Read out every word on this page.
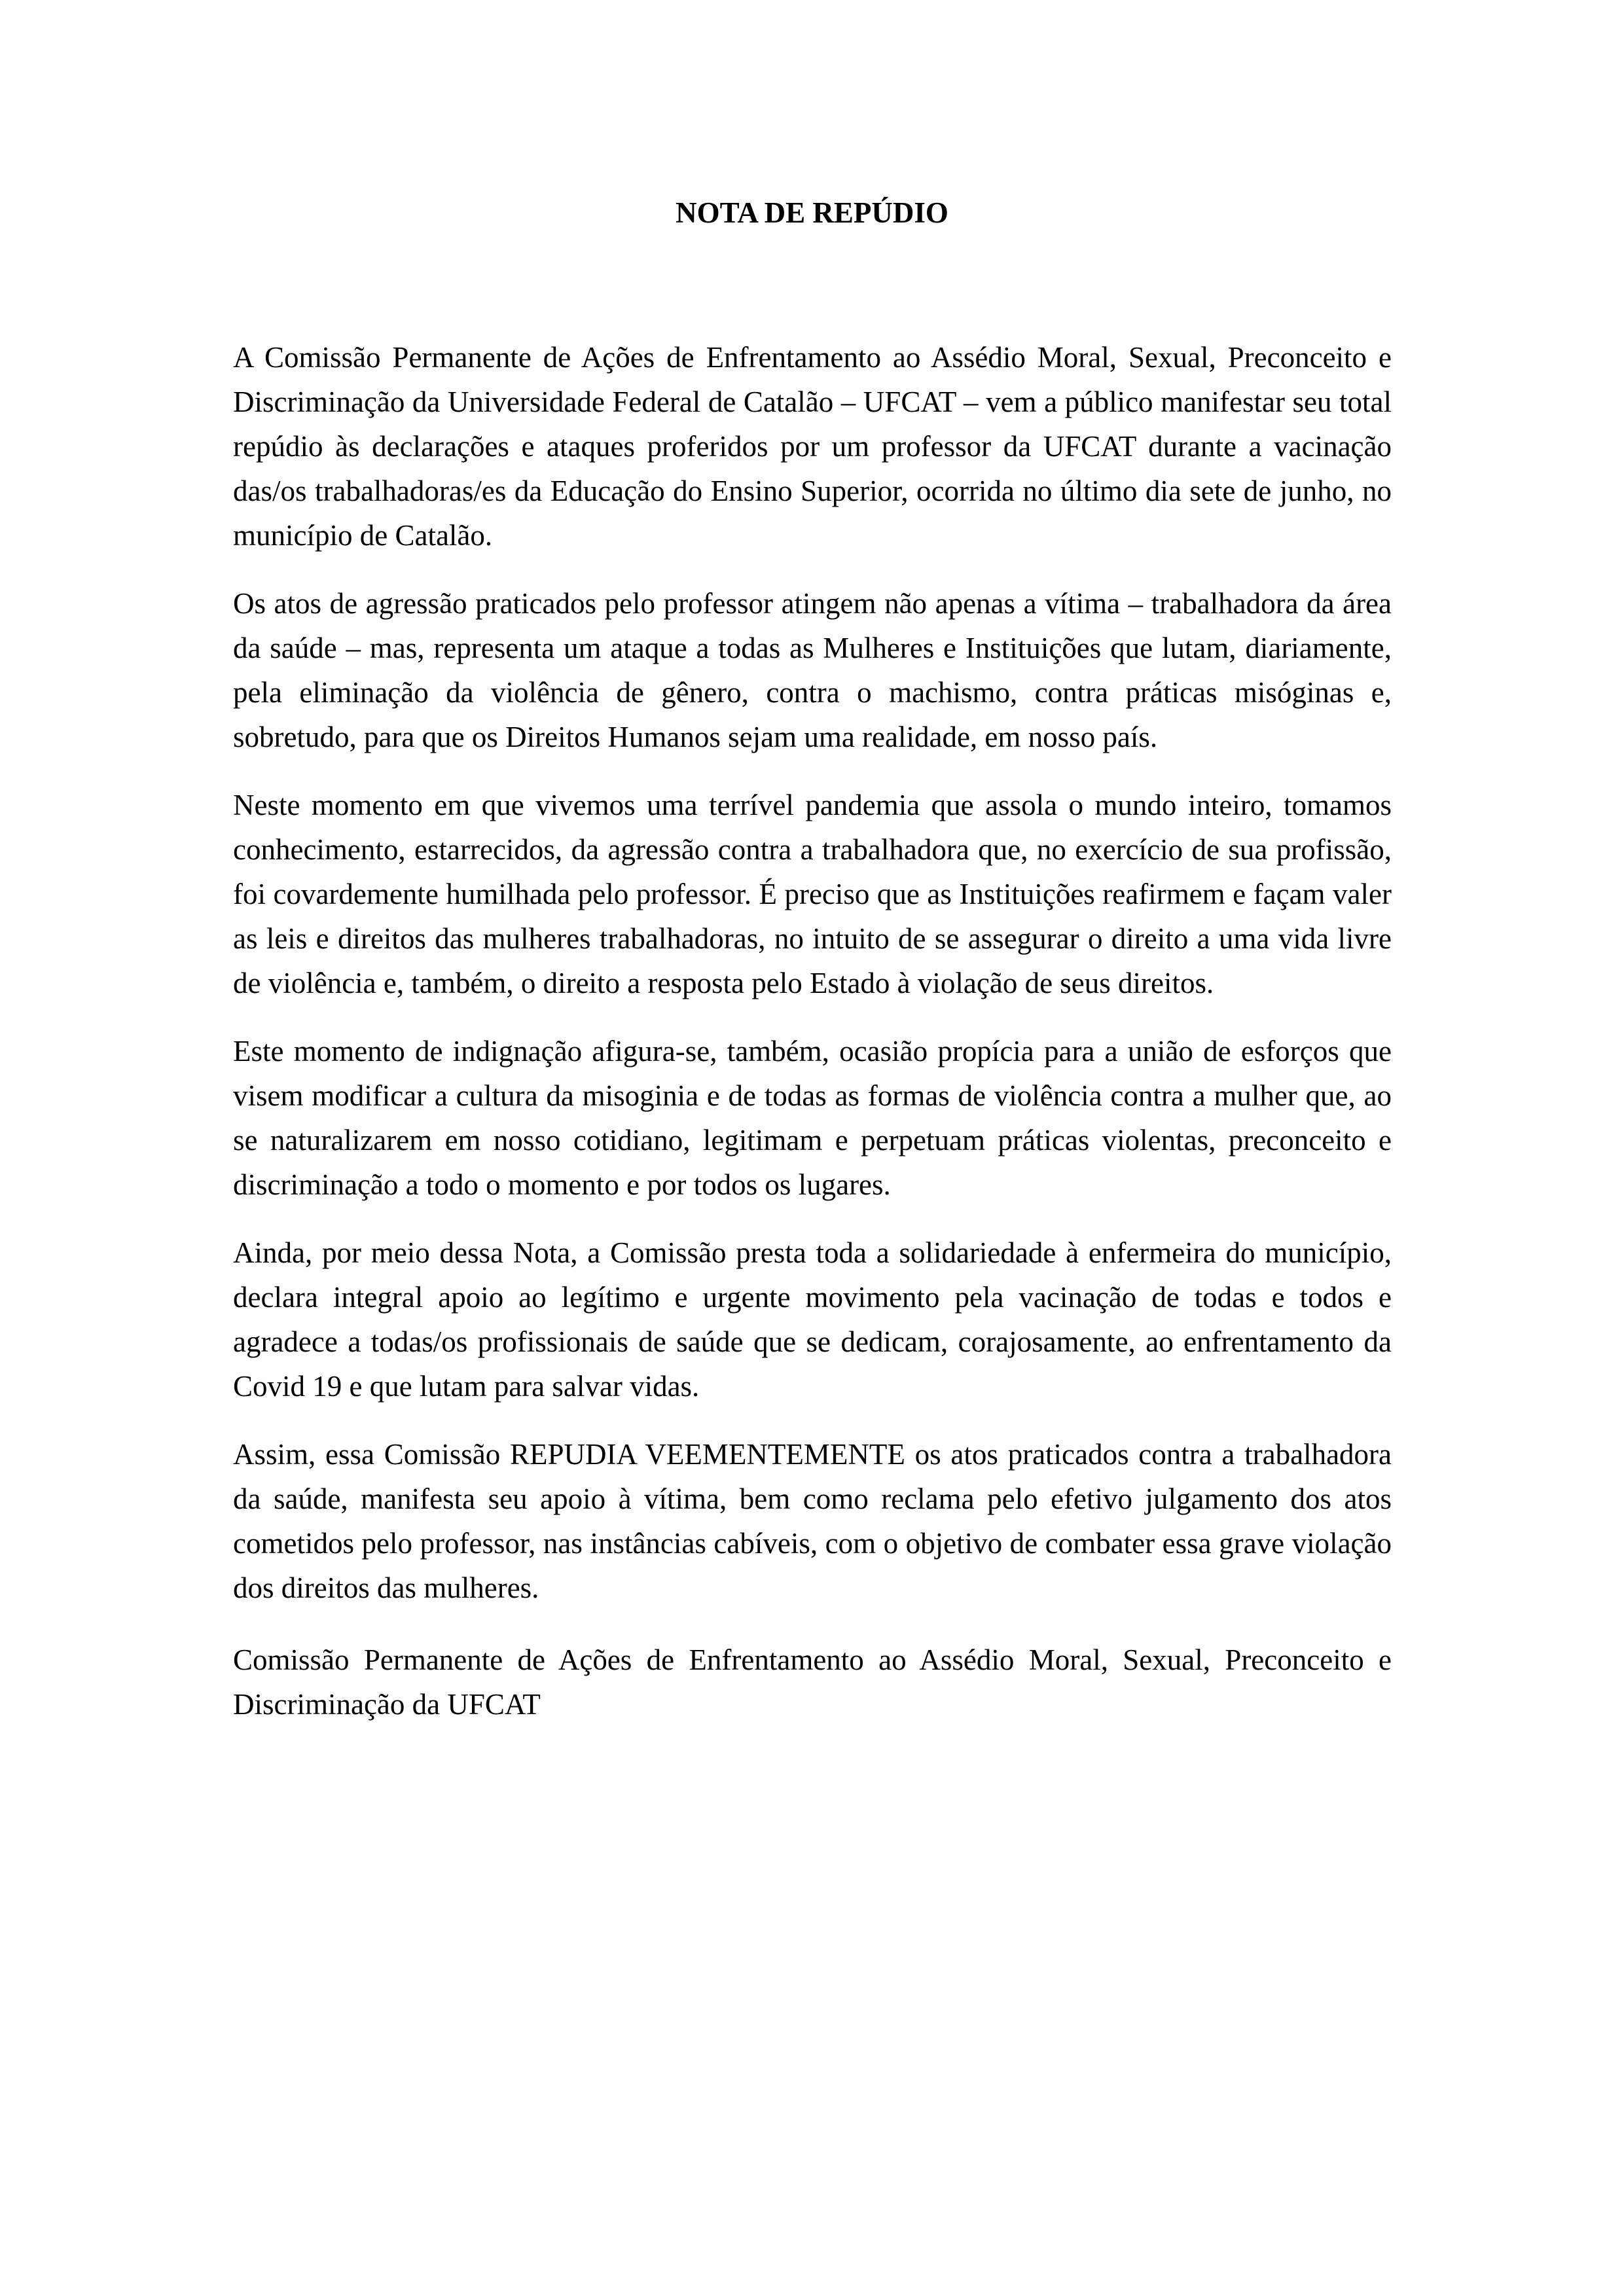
NOTA DE REPÚDIO

A Comissão Permanente de Ações de Enfrentamento ao Assédio Moral, Sexual, Preconceito e Discriminação da Universidade Federal de Catalão – UFCAT – vem a público manifestar seu total repúdio às declarações e ataques proferidos por um professor da UFCAT durante a vacinação das/os trabalhadoras/es da Educação do Ensino Superior, ocorrida no último dia sete de junho, no município de Catalão.

Os atos de agressão praticados pelo professor atingem não apenas a vítima – trabalhadora da área da saúde – mas, representa um ataque a todas as Mulheres e Instituições que lutam, diariamente, pela eliminação da violência de gênero, contra o machismo, contra práticas misóginas e, sobretudo, para que os Direitos Humanos sejam uma realidade, em nosso país.

Neste momento em que vivemos uma terrível pandemia que assola o mundo inteiro, tomamos conhecimento, estarrecidos, da agressão contra a trabalhadora que, no exercício de sua profissão, foi covardemente humilhada pelo professor. É preciso que as Instituições reafirmem e façam valer as leis e direitos das mulheres trabalhadoras, no intuito de se assegurar o direito a uma vida livre de violência e, também, o direito a resposta pelo Estado à violação de seus direitos.

Este momento de indignação afigura-se, também, ocasião propícia para a união de esforços que visem modificar a cultura da misoginia e de todas as formas de violência contra a mulher que, ao se naturalizarem em nosso cotidiano, legitimam e perpetuam práticas violentas, preconceito e discriminação a todo o momento e por todos os lugares.

Ainda, por meio dessa Nota, a Comissão presta toda a solidariedade à enfermeira do município, declara integral apoio ao legítimo e urgente movimento pela vacinação de todas e todos e agradece a todas/os profissionais de saúde que se dedicam, corajosamente, ao enfrentamento da Covid 19 e que lutam para salvar vidas.

Assim, essa Comissão REPUDIA VEEMENTEMENTE os atos praticados contra a trabalhadora da saúde, manifesta seu apoio à vítima, bem como reclama pelo efetivo julgamento dos atos cometidos pelo professor, nas instâncias cabíveis, com o objetivo de combater essa grave violação dos direitos das mulheres.

Comissão Permanente de Ações de Enfrentamento ao Assédio Moral, Sexual, Preconceito e Discriminação da UFCAT
